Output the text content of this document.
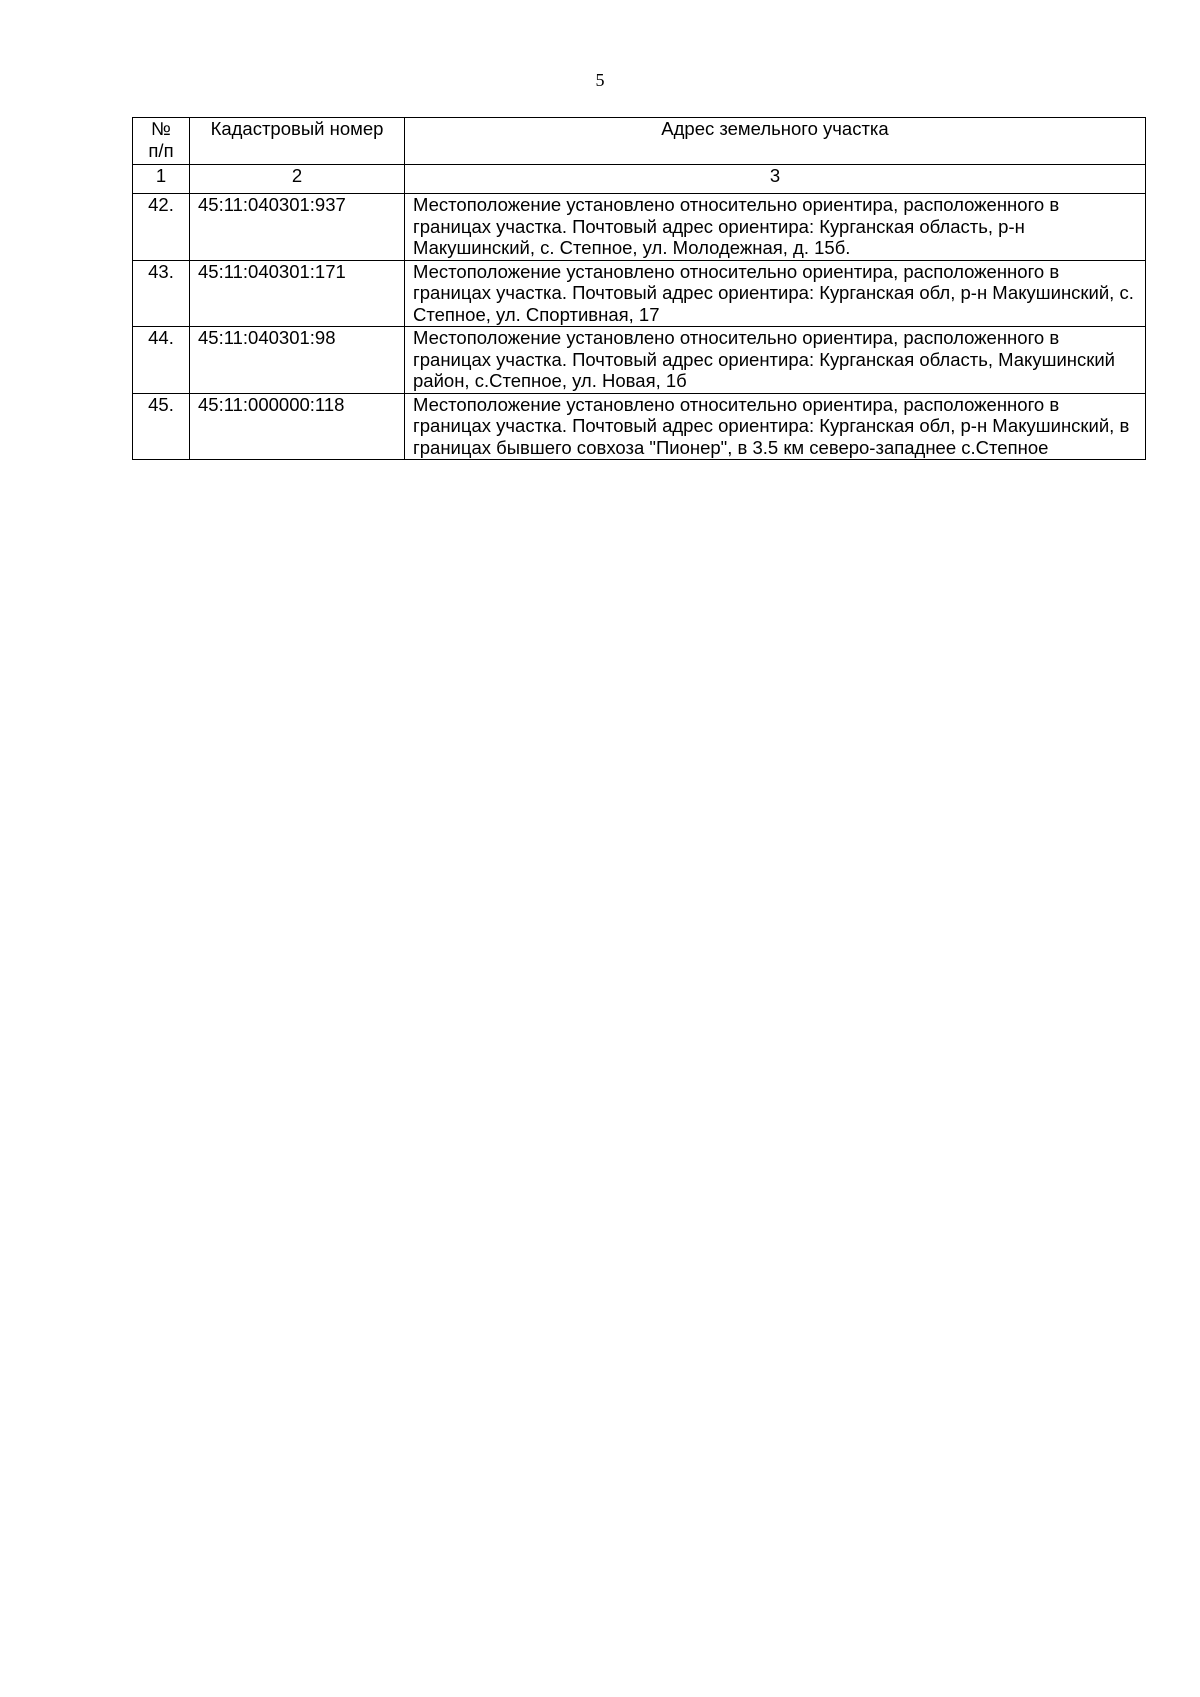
5
№ п/п	Кадастровый номер	Адрес земельного участка
1	2	3
42.	45:11:040301:937	Местоположение установлено относительно ориентира, расположенного в границах участка. Почтовый адрес ориентира: Курганская область, р-н Макушинский, с. Степное, ул. Молодежная, д. 15б.
43.	45:11:040301:171	Местоположение установлено относительно ориентира, расположенного в границах участка. Почтовый адрес ориентира: Курганская обл, р-н Макушинский, с. Степное, ул. Спортивная, 17
44.	45:11:040301:98	Местоположение установлено относительно ориентира, расположенного в границах участка. Почтовый адрес ориентира: Курганская область, Макушинский район, с.Степное, ул. Новая, 1б
45.	45:11:000000:118	Местоположение установлено относительно ориентира, расположенного в границах участка. Почтовый адрес ориентира: Курганская обл, р-н Макушинский, в границах бывшего совхоза "Пионер", в 3.5 км северо-западнее с.Степное
